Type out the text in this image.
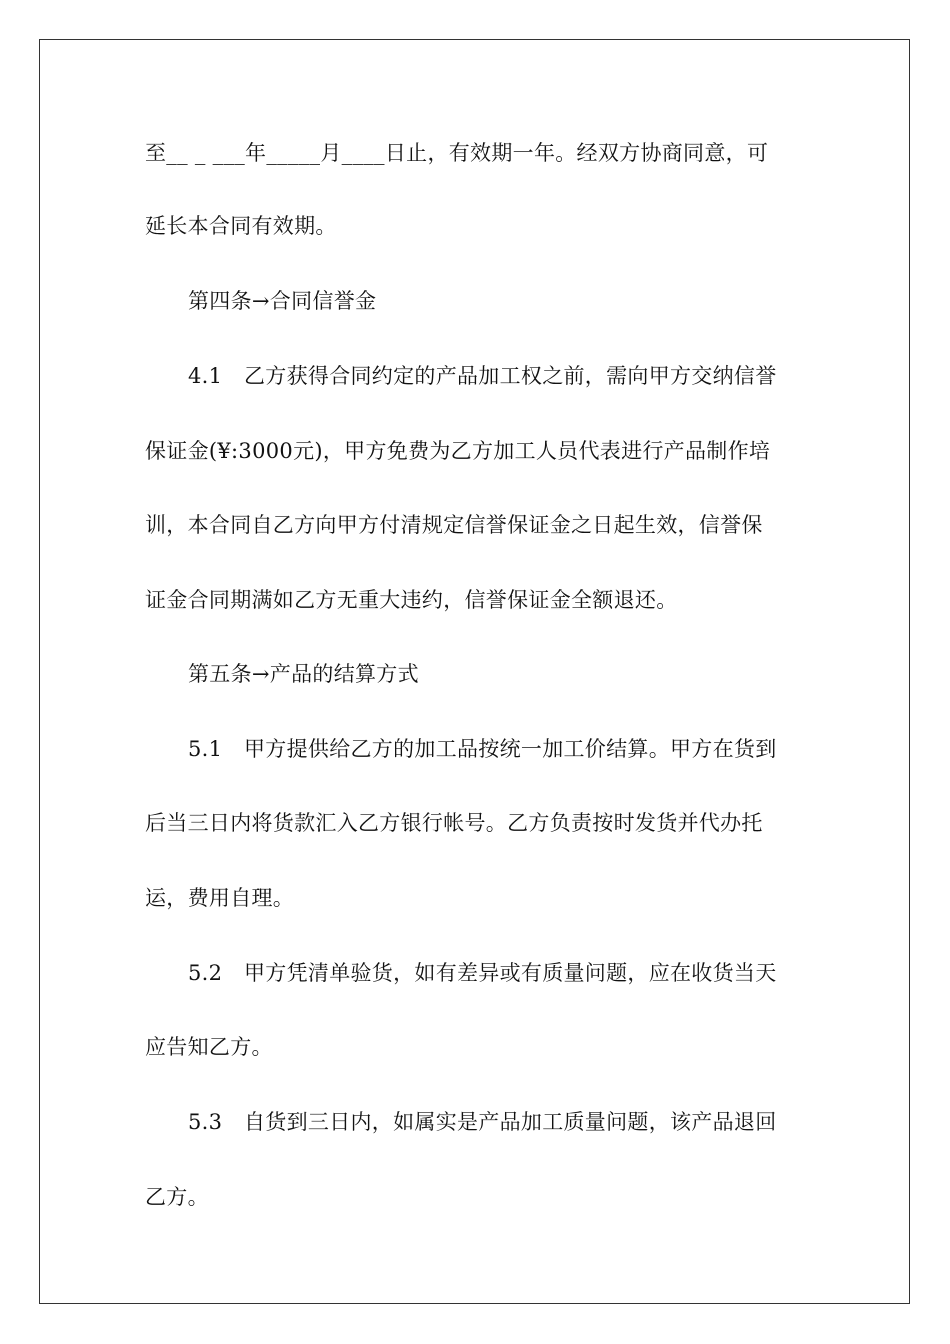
至__ _ ___年_____月____日止，有效期一年。经双方协商同意，可
延长本合同有效期。
第四条→合同信誉金
4.1 乙方获得合同约定的产品加工权之前，需向甲方交纳信誉
保证金(¥:3000元)，甲方免费为乙方加工人员代表进行产品制作培
训，本合同自乙方向甲方付清规定信誉保证金之日起生效，信誉保
证金合同期满如乙方无重大违约，信誉保证金全额退还。
第五条→产品的结算方式
5.1 甲方提供给乙方的加工品按统一加工价结算。甲方在货到
后当三日内将货款汇入乙方银行帐号。乙方负责按时发货并代办托
运，费用自理。
5.2 甲方凭清单验货，如有差异或有质量问题，应在收货当天
应告知乙方。
5.3 自货到三日内，如属实是产品加工质量问题，该产品退回
乙方。
